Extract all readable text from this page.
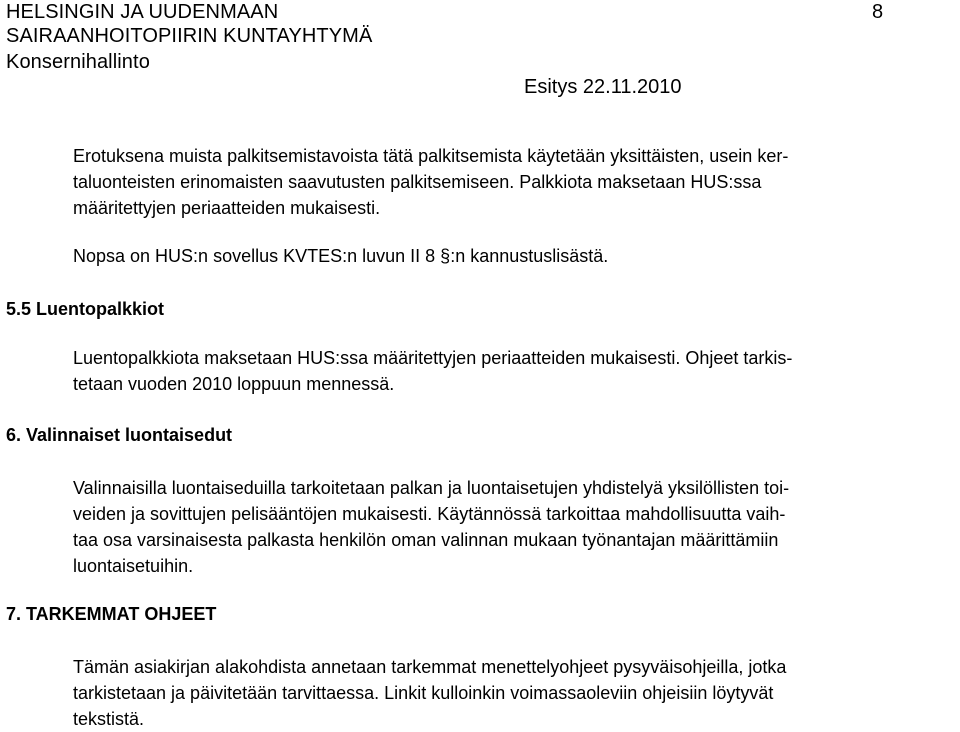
HELSINGIN JA UUDENMAAN
SAIRAANHOITOPIIRIN KUNTAYHTYMÄ
Konsernihallinto
8
Esitys 22.11.2010

Erotuksena muista palkitsemistavoista tätä palkitsemista käytetään yksittäisten, usein ker-
taluonteisten erinomaisten saavutusten palkitsemiseen. Palkkiota maksetaan HUS:ssa
määritettyjen periaatteiden mukaisesti.

Nopsa on HUS:n sovellus KVTES:n luvun II 8 §:n kannustuslisästä.

5.5 Luentopalkkiot

Luentopalkkiota maksetaan HUS:ssa määritettyjen periaatteiden mukaisesti. Ohjeet tarkis-
tetaan vuoden 2010 loppuun mennessä.

6. Valinnaiset luontaisedut

Valinnaisilla luontaiseduilla tarkoitetaan palkan ja luontaisetujen yhdistelyä yksilöllisten toi-
veiden ja sovittujen pelisääntöjen mukaisesti. Käytännössä tarkoittaa mahdollisuutta vaih-
taa osa varsinaisesta palkasta henkilön oman valinnan mukaan työnantajan määrittämiin
luontaisetuihin.

7. TARKEMMAT OHJEET

Tämän asiakirjan alakohdista annetaan tarkemmat menettelyohjeet pysyväisohjeilla, jotka
tarkistetaan ja päivitetään tarvittaessa. Linkit kulloinkin voimassaoleviin ohjeisiin löytyvät
tekstistä.
